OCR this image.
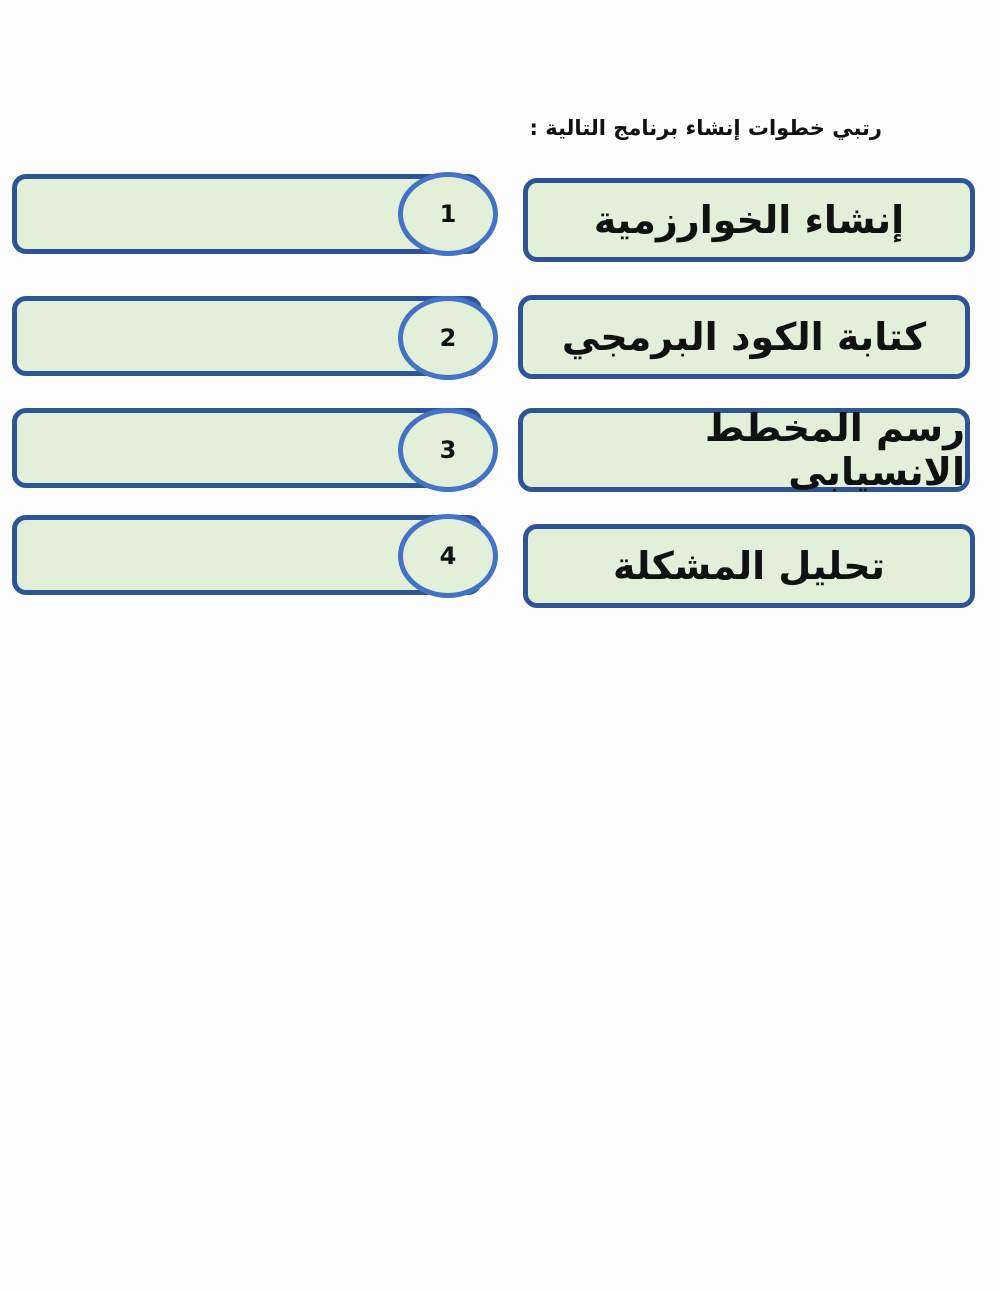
رتبي خطوات إنشاء برنامج التالية :
1
2
3
4
إنشاء الخوارزمية
كتابة الكود البرمجي
رسم المخطط الانسيابى
تحليل المشكلة
